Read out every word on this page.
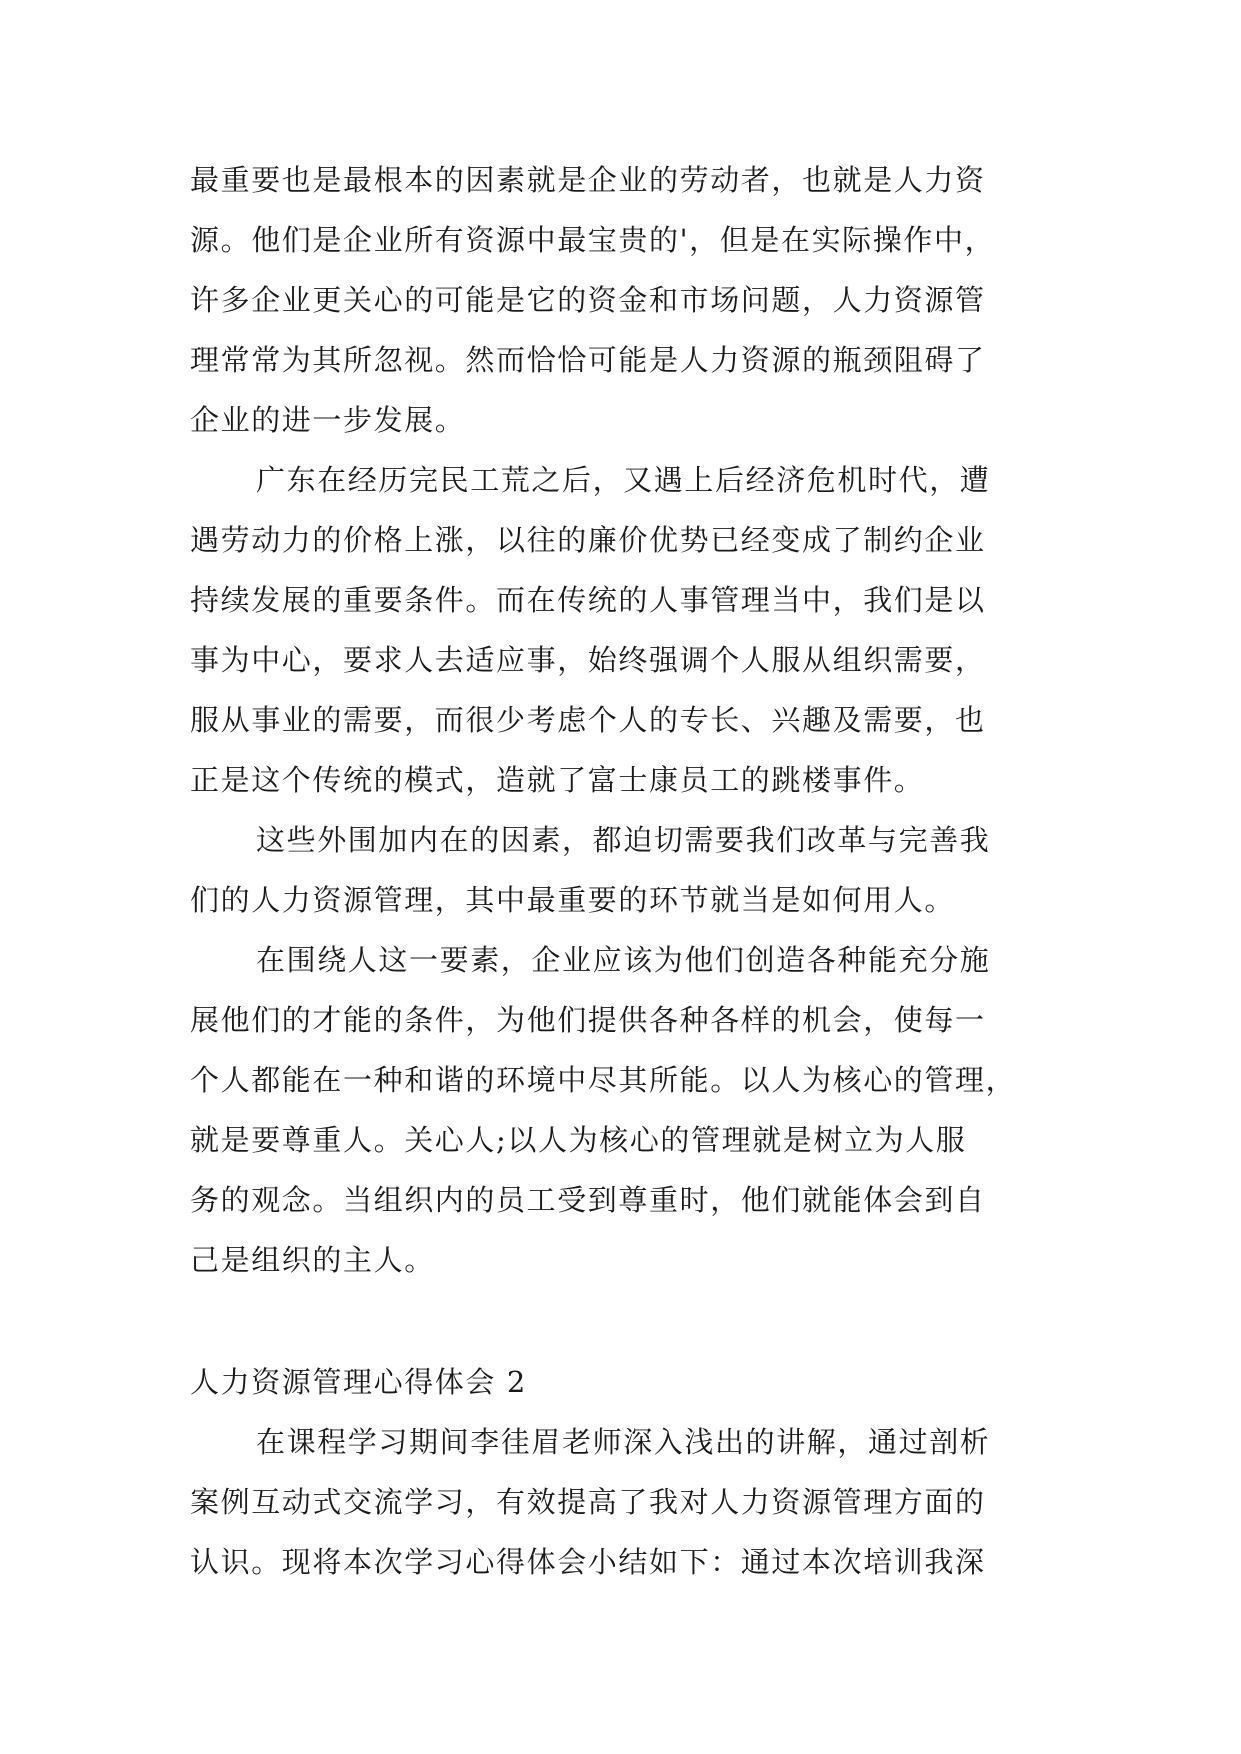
最重要也是最根本的因素就是企业的劳动者，也就是人力资
源。他们是企业所有资源中最宝贵的'，但是在实际操作中，
许多企业更关心的可能是它的资金和市场问题，人力资源管
理常常为其所忽视。然而恰恰可能是人力资源的瓶颈阻碍了
企业的进一步发展。
广东在经历完民工荒之后，又遇上后经济危机时代，遭
遇劳动力的价格上涨，以往的廉价优势已经变成了制约企业
持续发展的重要条件。而在传统的人事管理当中，我们是以
事为中心，要求人去适应事，始终强调个人服从组织需要，
服从事业的需要，而很少考虑个人的专长、兴趣及需要，也
正是这个传统的模式，造就了富士康员工的跳楼事件。
这些外围加内在的因素，都迫切需要我们改革与完善我
们的人力资源管理，其中最重要的环节就当是如何用人。
在围绕人这一要素，企业应该为他们创造各种能充分施
展他们的才能的条件，为他们提供各种各样的机会，使每一
个人都能在一种和谐的环境中尽其所能。以人为核心的管理，
就是要尊重人。关心人;以人为核心的管理就是树立为人服
务的观念。当组织内的员工受到尊重时，他们就能体会到自
己是组织的主人。
人力资源管理心得体会 2
在课程学习期间李徍眉老师深入浅出的讲解，通过剖析
案例互动式交流学习，有效提高了我对人力资源管理方面的
认识。现将本次学习心得体会小结如下：通过本次培训我深
